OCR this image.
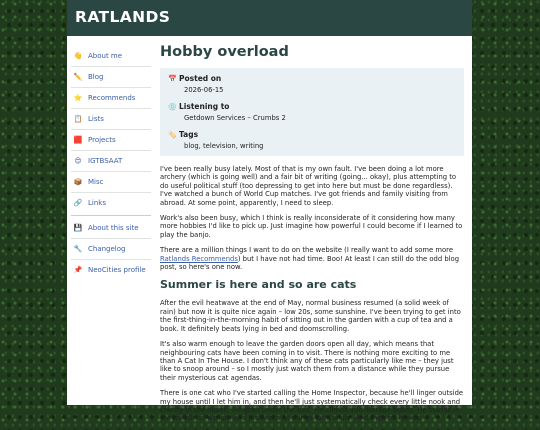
RATLANDS
👋 About me
✏️ Blog
⭐ Recommends
📋 Lists
🟥 Projects
😍 IGTBSAAT
📦 Misc
🔗 Links
💾 About this site
🔧 Changelog
📌 NeoCities profile
Hobby overload
📅 Posted on
2026-06-15
💿 Listening to
Getdown Services – Crumbs 2
🏷️ Tags
blog, television, writing

I've been really busy lately. Most of that is my own fault. I've been doing a lot more archery (which is going well) and a fair bit of writing (going... okay), plus attempting to do useful political stuff (too depressing to get into here but must be done regardless). I've watched a bunch of World Cup matches. I've got friends and family visiting from abroad. At some point, apparently, I need to sleep.

Work's also been busy, which I think is really inconsiderate of it considering how many more hobbies I'd like to pick up. Just imagine how powerful I could become if I learned to play the banjo.

There are a million things I want to do on the website (I really want to add some more Ratlands Recommends) but I have not had time. Boo! At least I can still do the odd blog post, so here's one now.

Summer is here and so are cats

After the evil heatwave at the end of May, normal business resumed (a solid week of rain) but now it is quite nice again – low 20s, some sunshine. I've been trying to get into the first-thing-in-the-morning habit of sitting out in the garden with a cup of tea and a book. It definitely beats lying in bed and doomscrolling.

It's also warm enough to leave the garden doors open all day, which means that neighbouring cats have been coming in to visit. There is nothing more exciting to me than A Cat In The House. I don't think any of these cats particularly like me – they just like to snoop around – so I mostly just watch them from a distance while they pursue their mysterious cat agendas.

There is one cat who I've started calling the Home Inspector, because he'll linger outside my house until I let him in, and then he'll just systematically check every little nook and cranny in the house. He goes under the bed. He climbs into storage boxes. He stands in the middle of a room and just looks at things for a while. And then he leaves.
